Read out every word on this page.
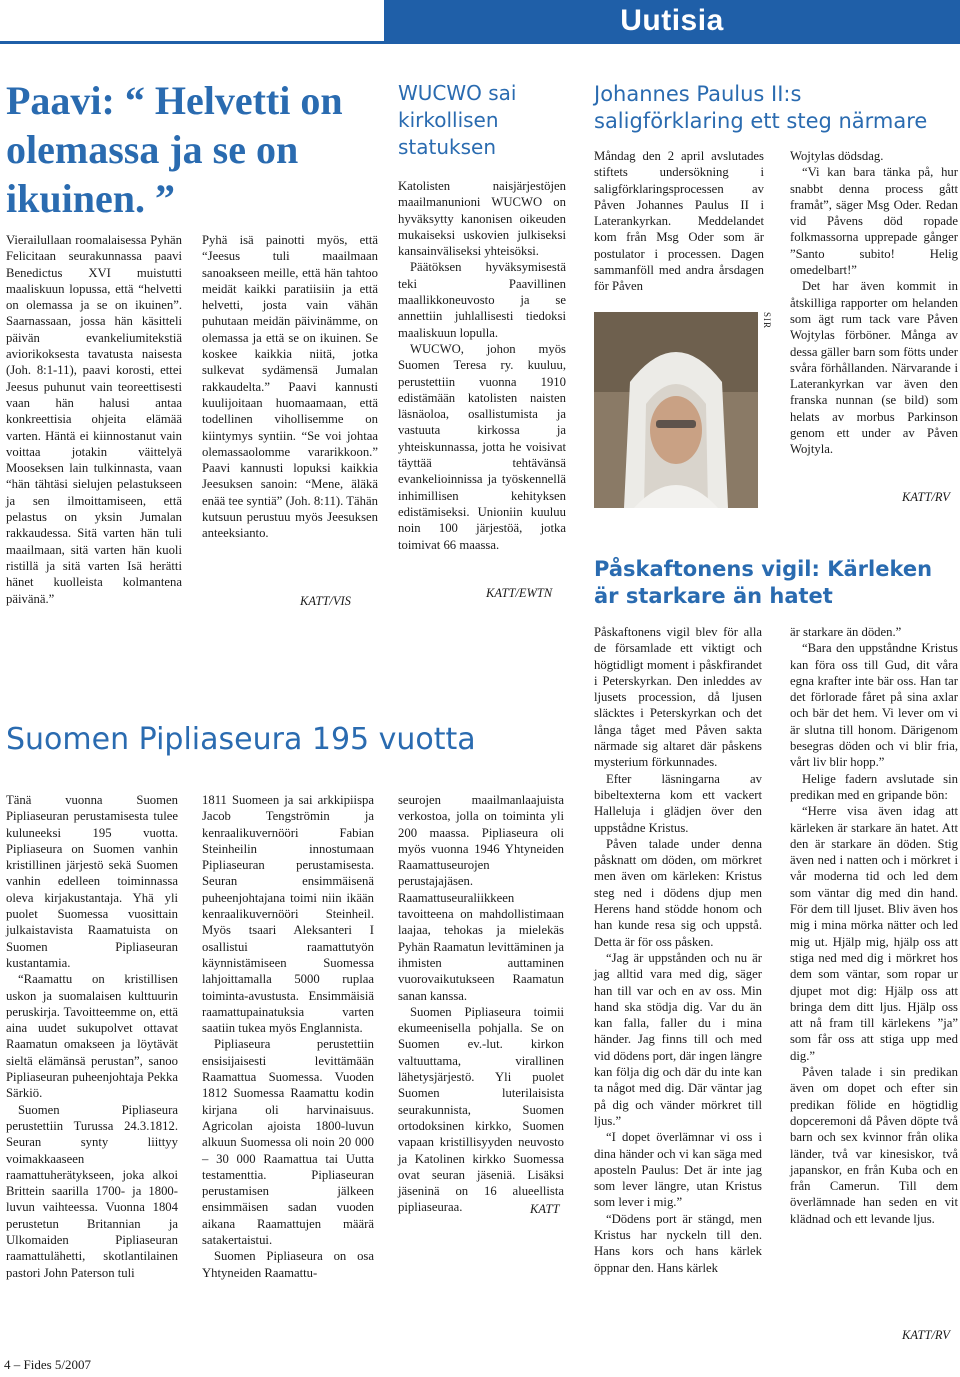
Uutisia
Paavi: “ Helvetti on olemassa ja se on ikuinen. ”

Vierailullaan roomalaisessa Pyhän Felicitaan seurakunnassa paavi Benedictus XVI muistutti maaliskuun lopussa, että “helvetti on olemassa ja se on ikuinen”. Saarnassaan, jossa hän käsitteli päivän evankeliumitekstiä aviorikoksesta tavatusta naisesta (Joh. 8:1-11), paavi korosti, ettei Jeesus puhunut vain teoreettisesti vaan hän halusi antaa konkreettisia ohjeita elämää varten. Häntä ei kiinnostanut vain voittaa jotakin väittelyä Mooseksen lain tulkinnasta, vaan “hän tähtäsi sielujen pelastukseen ja sen ilmoittamiseen, että pelastus on yksin Jumalan rakkaudessa. Sitä varten hän tuli maailmaan, sitä varten hän kuoli ristillä ja sitä varten Isä herätti hänet kuolleista kolmantena päivänä.”

Pyhä isä painotti myös, että “Jeesus tuli maailmaan sanoakseen meille, että hän tahtoo meidät kaikki paratiisiin ja että helvetti, josta vain vähän puhutaan meidän päivinämme, on olemassa ja että se on ikuinen. Se koskee kaikkia niitä, jotka sulkevat sydämensä Jumalan rakkaudelta.” Paavi kannusti kuulijoitaan huomaamaan, että todellinen vihollisemme on kiintymys syntiin. “Se voi johtaa olemassaolomme vararikkoon.” Paavi kannusti lopuksi kaikkia Jeesuksen sanoin: “Mene, äläkä enää tee syntiä” (Joh. 8:11). Tähän kutsuun perustuu myös Jeesuksen anteeksianto.

KATT/VIS
WUCWO sai kirkollisen statuksen

Katolisten naisjärjestöjen maailmanunioni WUCWO on hyväksytty kanonisen oikeuden mukaiseksi uskovien julkiseksi kansainväliseksi yhteisöksi.

Päätöksen hyväksymisestä teki Paavillinen maallikkoneuvosto ja se annettiin juhlallisesti tiedoksi maaliskuun lopulla.

WUCWO, johon myös Suomen Teresa ry. kuuluu, perustettiin vuonna 1910 edistämään katolisten naisten läsnäoloa, osallistumista ja vastuuta kirkossa ja yhteiskunnassa, jotta he voisivat täyttää tehtävänsä evankelioinnissa ja työskennellä inhimillisen kehityksen edistämiseksi. Unioniin kuuluu noin 100 järjestöä, jotka toimivat 66 maassa.

KATT/EWTN
Johannes Paulus II:s saligförklaring ett steg närmare

Måndag den 2 april avslutades stiftets undersökning i saligförklaringsprocessen av Påven Johannes Paulus II i Laterankyrkan. Meddelandet kom från Msg Oder som är postulator i processen. Dagen sammanföll med andra årsdagen för Påven

SIR

Wojtylas dödsdag.

“Vi kan bara tänka på, hur snabbt denna process gått framåt”, säger Msg Oder. Redan vid Påvens död ropade folkmassorna upprepade gånger ”Santo subito! Helig omedelbart!”

Det har även kommit in åtskilliga rapporter om helanden som ägt rum tack vare Påven Wojtylas förböner. Många av dessa gäller barn som fötts under svåra förhållanden. Närvarande i Laterankyrkan var även den franska nunnan (se bild) som helats av morbus Parkinson genom ett under av Påven Wojtyla.

KATT/RV
Påskaftonens vigil: Kärleken är starkare än hatet

Påskaftonens vigil blev för alla de församlade ett viktigt och högtidligt moment i påskfirandet i Peterskyrkan. Den inleddes av ljusets procession, då ljusen släcktes i Peterskyrkan och det långa tåget med Påven sakta närmade sig altaret där påskens mysterium förkunnades.

Efter läsningarna av bibeltexterna kom ett vackert Halleluja i glädjen över den uppstådne Kristus.

Påven talade under denna påsknatt om döden, om mörkret men även om kärleken: Kristus steg ned i dödens djup men Herens hand stödde honom och han kunde resa sig och uppstå. Detta är för oss påsken.

“Jag är uppstånden och nu är jag alltid vara med dig, säger han till var och en av oss. Min hand ska stödja dig. Var du än kan falla, faller du i mina händer. Jag finns till och med vid dödens port, där ingen längre kan följa dig och där du inte kan ta något med dig. Där väntar jag på dig och vänder mörkret till ljus.”

“I dopet överlämnar vi oss i dina händer och vi kan säga med aposteln Paulus: Det är inte jag som lever längre, utan Kristus som lever i mig.”

“Dödens port är stängd, men Kristus har nyckeln till den. Hans kors och hans kärlek öppnar den. Hans kärlek

är starkare än döden.”

“Bara den uppståndne Kristus kan föra oss till Gud, dit våra egna krafter inte bär oss. Han tar det förlorade fåret på sina axlar och bär det hem. Vi lever om vi är slutna till honom. Därigenom besegras döden och vi blir fria, vårt liv blir hopp.”

Helige fadern avslutade sin predikan med en gripande bön:

“Herre visa även idag att kärleken är starkare än hatet. Att den är starkare än döden. Stig även ned i natten och i mörkret i vår moderna tid och led dem som väntar dig med din hand. För dem till ljuset. Bliv även hos mig i mina mörka nätter och led mig ut. Hjälp mig, hjälp oss att stiga ned med dig i mörkret hos dem som väntar, som ropar ur djupet mot dig: Hjälp oss att bringa dem ditt ljus. Hjälp oss att nå fram till kärlekens ”ja” som får oss att stiga upp med dig.”

Påven talade i sin predikan även om dopet och efter sin predikan fölide en högtidlig dopceremoni då Påven döpte två barn och sex kvinnor från olika länder, två var kinesiskor, två japanskor, en från Kuba och en från Camerun. Till dem överlämnade han seden en vit klädnad och ett levande ljus.

KATT/RV
Suomen Pipliaseura 195 vuotta

Tänä vuonna Suomen Pipliaseuran perustamisesta tulee kuluneeksi 195 vuotta. Pipliaseura on Suomen vanhin kristillinen järjestö sekä Suomen vanhin edelleen toiminnassa oleva kirjakustantaja. Yhä yli puolet Suomessa vuosittain julkaistavista Raamatuista on Suomen Pipliaseuran kustantamia.

“Raamattu on kristillisen uskon ja suomalaisen kulttuurin peruskirja. Tavoitteemme on, että aina uudet sukupolvet ottavat Raamatun omakseen ja löytävät sieltä elämänsä perustan”, sanoo Pipliaseuran puheenjohtaja Pekka Särkiö.

Suomen Pipliaseura perustettiin Turussa 24.3.1812. Seuran synty liittyy voimakkaaseen raamattuherätykseen, joka alkoi Brittein saarilla 1700- ja 1800-luvun vaihteessa. Vuonna 1804 perustetun Britannian ja Ulkomaiden Pipliaseuran raamattulähetti, skotlantilainen pastori John Paterson tuli

1811 Suomeen ja sai arkkipiispa Jacob Tengströmin ja kenraalikuvernööri Fabian Steinheilin innostumaan Pipliaseuran perustamisesta. Seuran ensimmäisenä puheenjohtajana toimi niin ikään kenraalikuvernööri Steinheil. Myös tsaari Aleksanteri I osallistui raamattutyön käynnistämiseen Suomessa lahjoittamalla 5000 ruplaa toiminta-avustusta. Ensimmäisiä raamattupainatuksia varten saatiin tukea myös Englannista.

Pipliaseura perustettiin ensisijaisesti levittämään Raamattua Suomessa. Vuoden 1812 Suomessa Raamattu kodin kirjana oli harvinaisuus. Agricolan ajoista 1800-luvun alkuun Suomessa oli noin 20 000 – 30 000 Raamattua tai Uutta testamenttia. Pipliaseuran perustamisen jälkeen ensimmäisen sadan vuoden aikana Raamattujen määrä satakertaistui.

Suomen Pipliaseura on osa Yhtyneiden Raamattu-

seurojen maailmanlaajuista verkostoa, jolla on toiminta yli 200 maassa. Pipliaseura oli myös vuonna 1946 Yhtyneiden Raamattuseurojen perustajajäsen. Raamattuseuraliikkeen tavoitteena on mahdollistimaan laajaa, tehokas ja mielekäs Pyhän Raamatun levittäminen ja ihmisten auttaminen vuorovaikutukseen Raamatun sanan kanssa.

Suomen Pipliaseura toimii ekumeenisella pohjalla. Se on Suomen ev.-lut. kirkon valtuuttama, virallinen lähetysjärjestö. Yli puolet Suomen luterilaisista seurakunnista, Suomen ortodoksinen kirkko, Suomen vapaan kristillisyyden neuvosto ja Katolinen kirkko Suomessa ovat seuran jäseniä. Lisäksi jäseninä on 16 alueellista pipliaseuraa.	KATT
4 – Fides 5/2007
